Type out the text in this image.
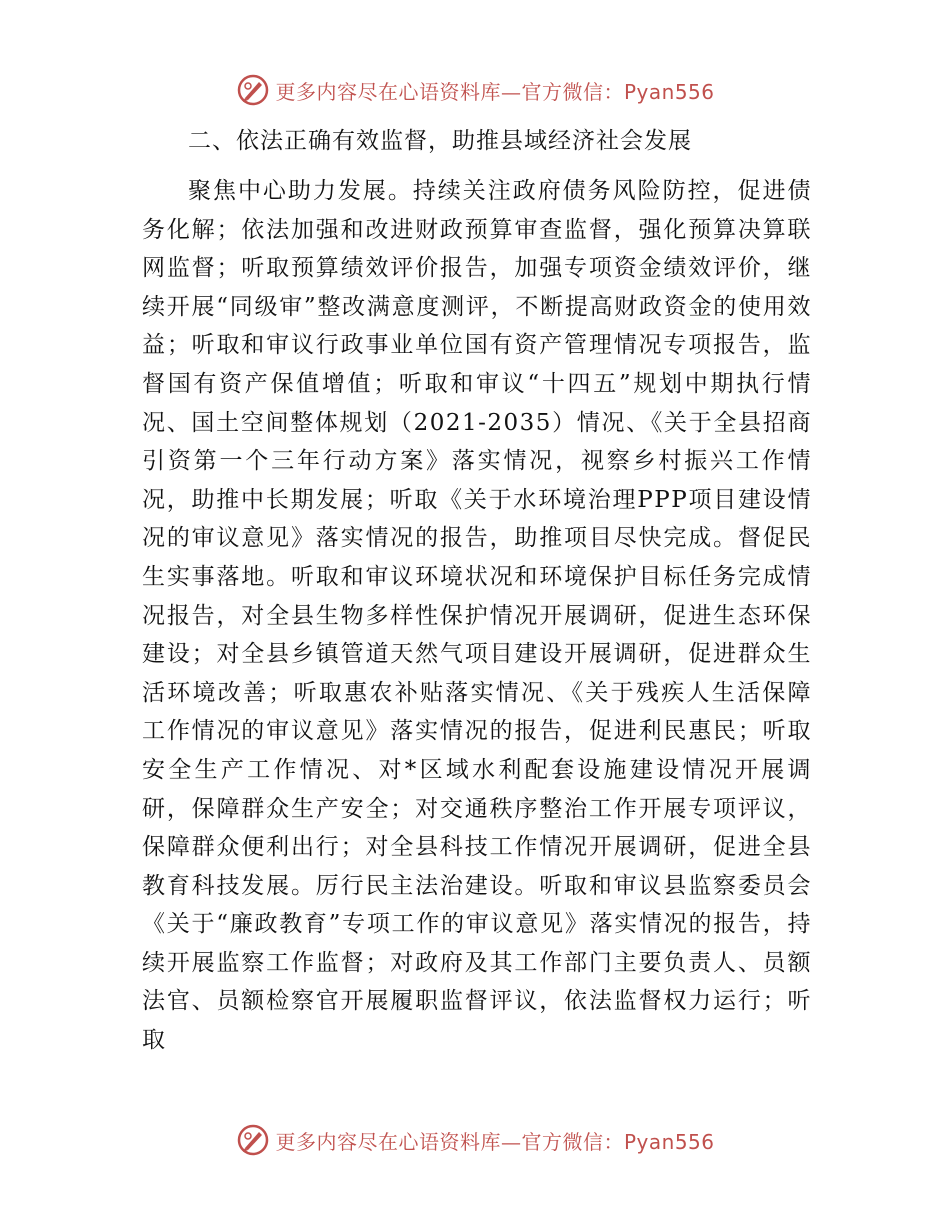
更多内容尽在心语资料库—官方微信：Pyan556
二、依法正确有效监督，助推县域经济社会发展
聚焦中心助力发展。持续关注政府债务风险防控，促进债务化解；依法加强和改进财政预算审查监督，强化预算决算联网监督；听取预算绩效评价报告，加强专项资金绩效评价，继续开展“同级审”整改满意度测评，不断提高财政资金的使用效益；听取和审议行政事业单位国有资产管理情况专项报告，监督国有资产保值增值；听取和审议“十四五”规划中期执行情况、国土空间整体规划（2021-2035）情况、《关于全县招商引资第一个三年行动方案》落实情况，视察乡村振兴工作情况，助推中长期发展；听取《关于水环境治理PPP项目建设情况的审议意见》落实情况的报告，助推项目尽快完成。督促民生实事落地。听取和审议环境状况和环境保护目标任务完成情况报告，对全县生物多样性保护情况开展调研，促进生态环保建设；对全县乡镇管道天然气项目建设开展调研，促进群众生活环境改善；听取惠农补贴落实情况、《关于残疾人生活保障工作情况的审议意见》落实情况的报告，促进利民惠民；听取安全生产工作情况、对*区域水利配套设施建设情况开展调研，保障群众生产安全；对交通秩序整治工作开展专项评议，保障群众便利出行；对全县科技工作情况开展调研，促进全县教育科技发展。厉行民主法治建设。听取和审议县监察委员会《关于“廉政教育”专项工作的审议意见》落实情况的报告，持续开展监察工作监督；对政府及其工作部门主要负责人、员额法官、员额检察官开展履职监督评议，依法监督权力运行；听取
更多内容尽在心语资料库—官方微信：Pyan556
